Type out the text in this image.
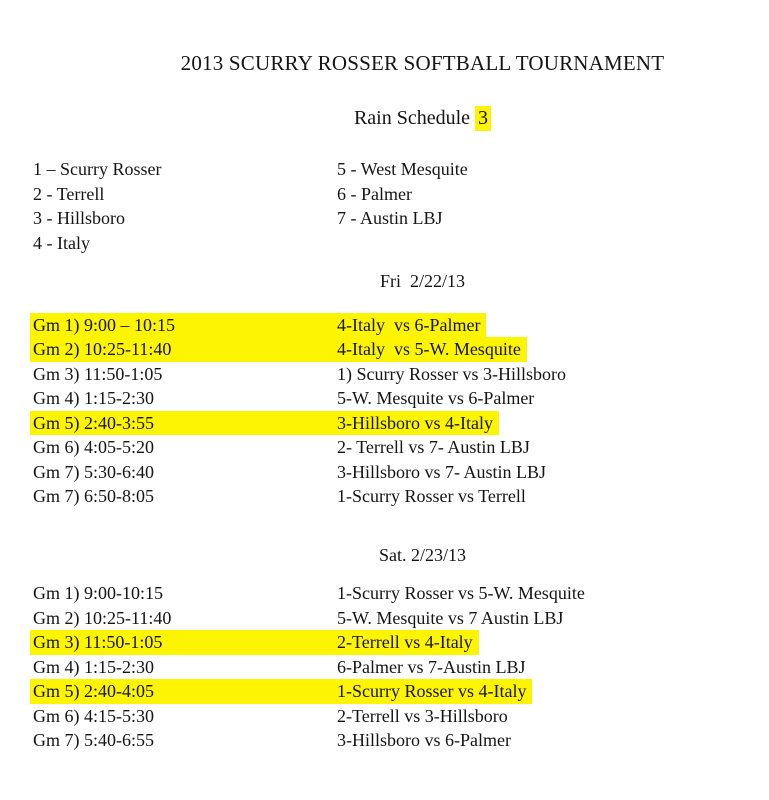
2013 SCURRY ROSSER SOFTBALL TOURNAMENT
Rain Schedule 3
1 – Scurry Rosser
2 - Terrell
3 - Hillsboro
4 - Italy
5 - West Mesquite
6 - Palmer
7 - Austin LBJ
Fri  2/22/13
Gm 1) 9:00 – 10:15	4-Italy  vs 6-Palmer
Gm 2) 10:25-11:40	4-Italy  vs 5-W. Mesquite
Gm 3) 11:50-1:05	1) Scurry Rosser vs 3-Hillsboro
Gm 4) 1:15-2:30	5-W. Mesquite vs 6-Palmer
Gm 5) 2:40-3:55	3-Hillsboro vs 4-Italy
Gm 6) 4:05-5:20	2- Terrell vs 7- Austin LBJ
Gm 7) 5:30-6:40	3-Hillsboro vs 7- Austin LBJ
Gm 7) 6:50-8:05	1-Scurry Rosser vs Terrell
Sat. 2/23/13
Gm 1) 9:00-10:15	1-Scurry Rosser vs 5-W. Mesquite
Gm 2) 10:25-11:40	5-W. Mesquite vs 7 Austin LBJ
Gm 3) 11:50-1:05	2-Terrell vs 4-Italy
Gm 4) 1:15-2:30	6-Palmer vs 7-Austin LBJ
Gm 5) 2:40-4:05	1-Scurry Rosser vs 4-Italy
Gm 6) 4:15-5:30	2-Terrell vs 3-Hillsboro
Gm 7) 5:40-6:55	3-Hillsboro vs 6-Palmer
